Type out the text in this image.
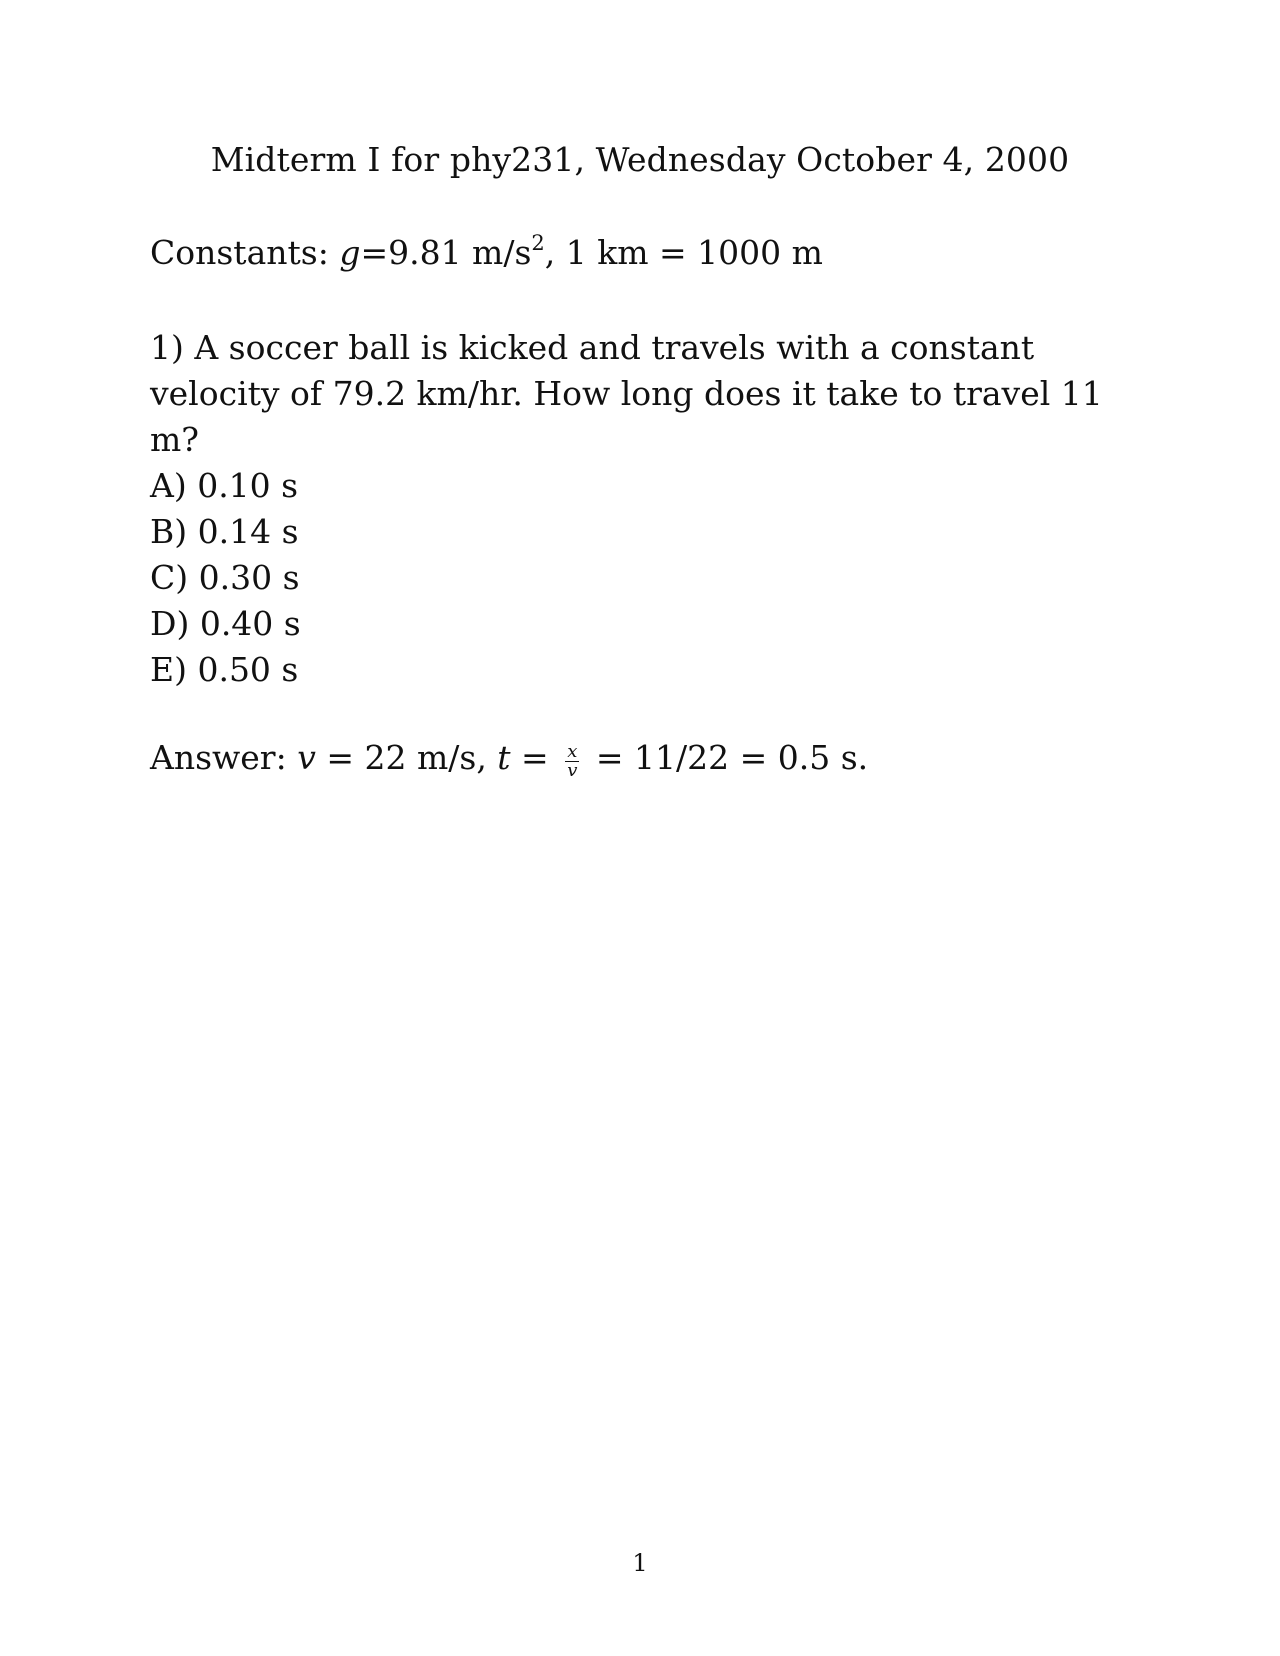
Midterm I for phy231, Wednesday October 4, 2000
Constants: g=9.81 $m/s^2$, 1 km = 1000 m
1) A soccer ball is kicked and travels with a constant velocity of 79.2 km/hr. How long does it take to travel 11 m?
A) 0.10 s
B) 0.14 s
C) 0.30 s
D) 0.40 s
E) 0.50 s
Answer: v = 22 m/s, $t = \frac{x}{v} = 11/22 = 0.5$ s.
1
